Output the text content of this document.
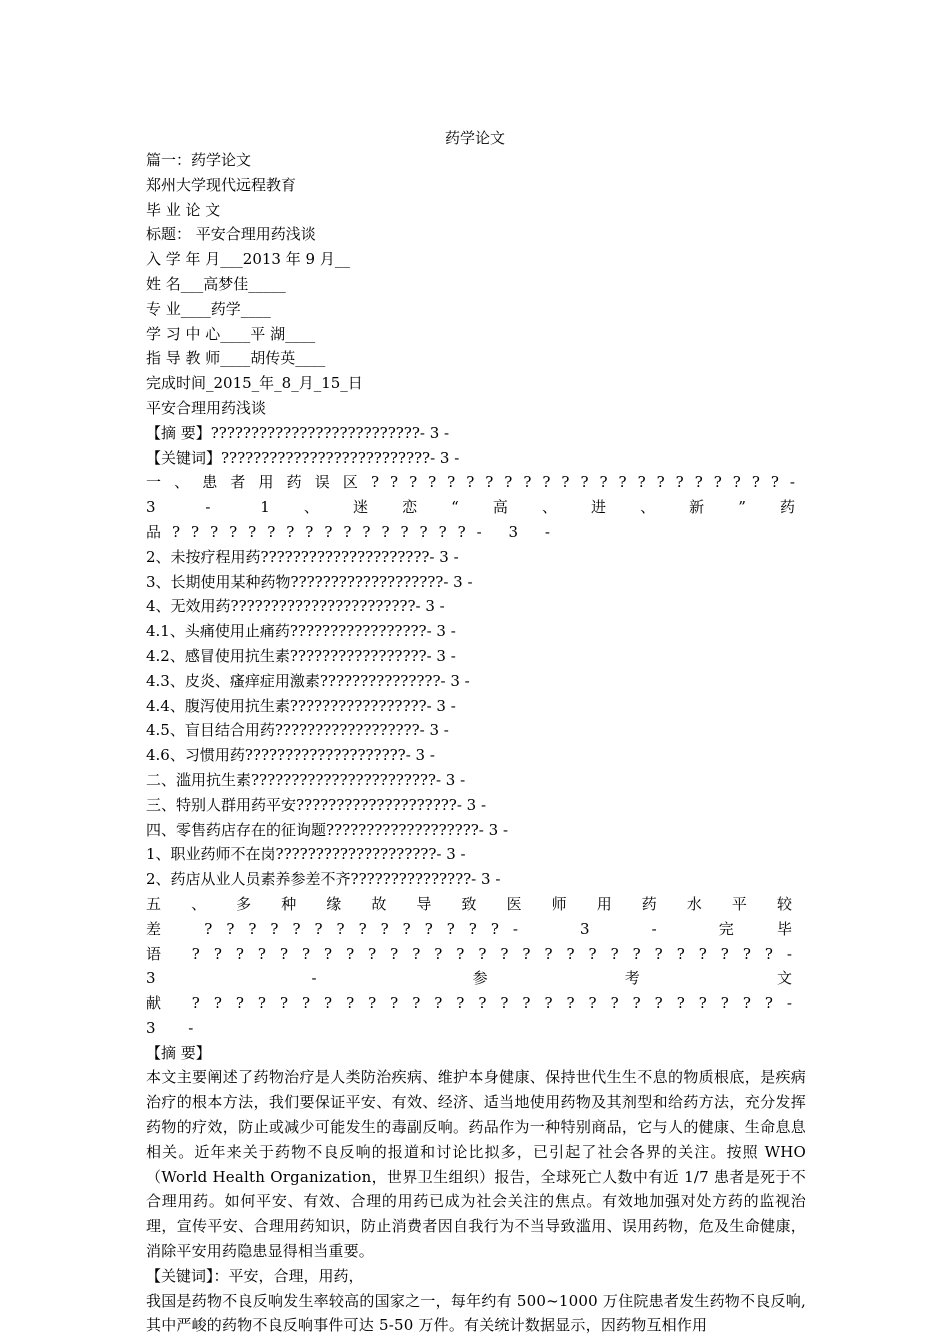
药学论文

篇一：药学论文

郑州大学现代远程教育

毕 业 论 文

标题： 平安合理用药浅谈

入 学 年 月___2013 年 9 月__

姓 名___高梦佳_____

专 业____药学____

学 习 中 心____平 湖____

指 导 教 师____胡传英____

完成时间_2015_年_8_月_15_日

平安合理用药浅谈

【摘 要】??????????????????????????- 3 -

【关键词】??????????????????????????- 3 -

一、患者用药误区??????????????????????- 3 - 1、迷恋“高、进、新”药品????????????????- 3 -

2、未按疗程用药?????????????????????- 3 -

3、长期使用某种药物???????????????????- 3 -

4、无效用药???????????????????????- 3 -

4.1、头痛使用止痛药?????????????????- 3 -

4.2、感冒使用抗生素?????????????????- 3 -

4.3、皮炎、瘙痒症用激素???????????????- 3 -

4.4、腹泻使用抗生素?????????????????- 3 -

4.5、盲目结合用药??????????????????- 3 -

4.6、习惯用药????????????????????- 3 -

二、滥用抗生素???????????????????????- 3 -

三、特别人群用药平安????????????????????- 3 -

四、零售药店存在的征询题???????????????????- 3 -

1、职业药师不在岗????????????????????- 3 -

2、药店从业人员素养参差不齐???????????????- 3 -

五、多种缘故导致医师用药水平较差??????????????- 3 - 完毕语???????????????????????????- 3 - 参考文献???????????????????????????- 3 -

【摘 要】

本文主要阐述了药物治疗是人类防治疾病、维护本身健康、保持世代生生不息的物质根底，是疾病治疗的根本方法，我们要保证平安、有效、经济、适当地使用药物及其剂型和给药方法，充分发挥药物的疗效，防止或减少可能发生的毒副反响。药品作为一种特别商品，它与人的健康、生命息息相关。近年来关于药物不良反响的报道和讨论比拟多，已引起了社会各界的关注。按照 WHO（World Health Organization，世界卫生组织）报告，全球死亡人数中有近 1/7 患者是死于不合理用药。如何平安、有效、合理的用药已成为社会关注的焦点。有效地加强对处方药的监视治理，宣传平安、合理用药知识，防止消费者因自我行为不当导致滥用、误用药物，危及生命健康，消除平安用药隐患显得相当重要。

【关键词】：平安，合理，用药，

我国是药物不良反响发生率较高的国家之一，每年约有 500~1000 万住院患者发生药物不良反响,其中严峻的药物不良反响事件可达 5-50 万件。有关统计数据显示，因药物互相作用
